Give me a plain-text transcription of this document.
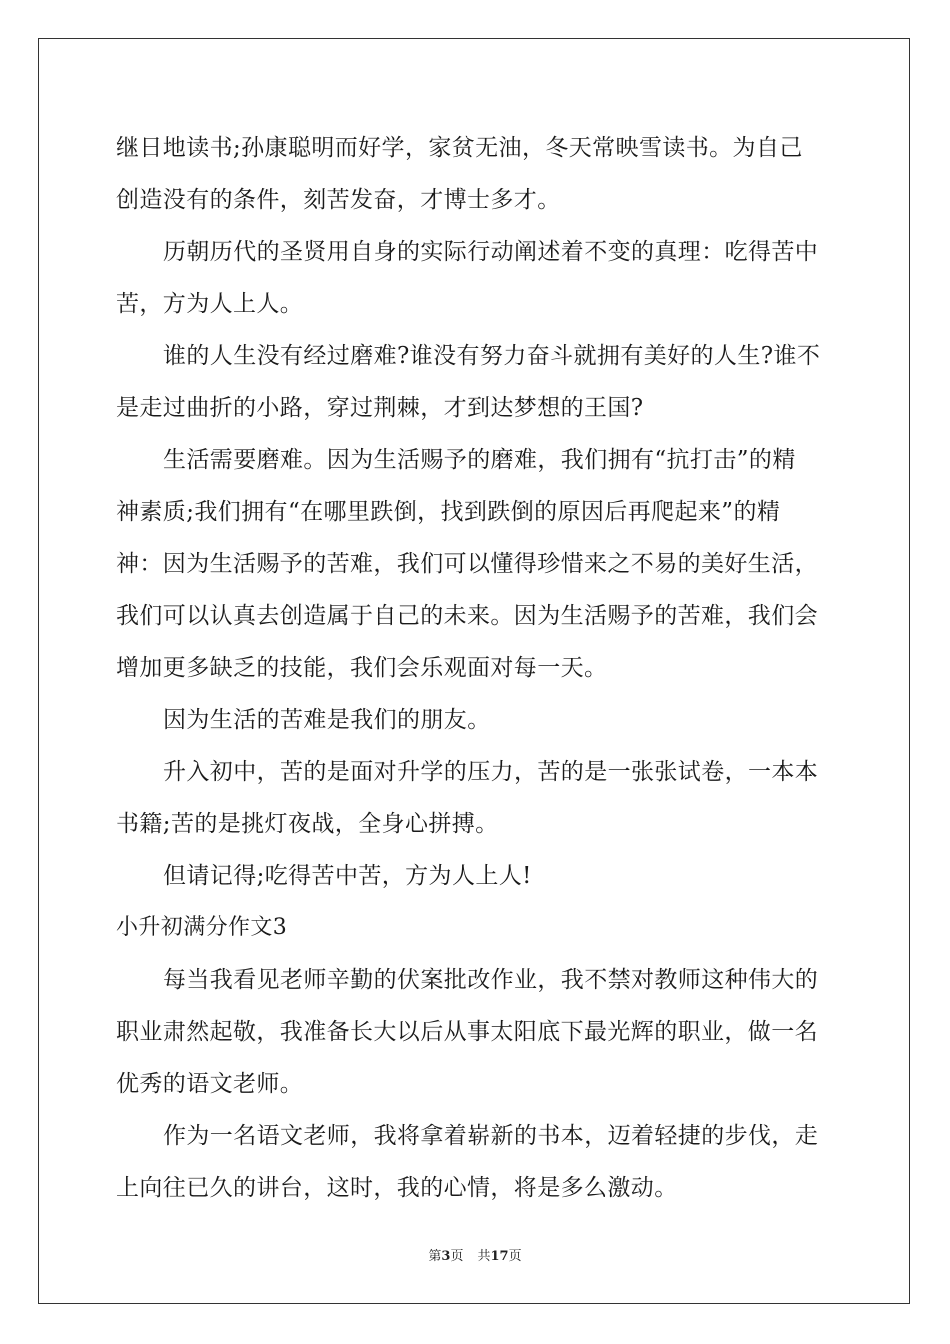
继日地读书;孙康聪明而好学，家贫无油，冬天常映雪读书。为自己
创造没有的条件，刻苦发奋，才博士多才。
历朝历代的圣贤用自身的实际行动阐述着不变的真理：吃得苦中
苦，方为人上人。
谁的人生没有经过磨难?谁没有努力奋斗就拥有美好的人生?谁不
是走过曲折的小路，穿过荆棘，才到达梦想的王国?
生活需要磨难。因为生活赐予的磨难，我们拥有“抗打击”的精
神素质;我们拥有“在哪里跌倒，找到跌倒的原因后再爬起来”的精
神：因为生活赐予的苦难，我们可以懂得珍惜来之不易的美好生活，
我们可以认真去创造属于自己的未来。因为生活赐予的苦难，我们会
增加更多缺乏的技能，我们会乐观面对每一天。
因为生活的苦难是我们的朋友。
升入初中，苦的是面对升学的压力，苦的是一张张试卷，一本本
书籍;苦的是挑灯夜战，全身心拼搏。
但请记得;吃得苦中苦，方为人上人!
小升初满分作文3
每当我看见老师辛勤的伏案批改作业，我不禁对教师这种伟大的
职业肃然起敬，我准备长大以后从事太阳底下最光辉的职业，做一名
优秀的语文老师。
作为一名语文老师，我将拿着崭新的书本，迈着轻捷的步伐，走
上向往已久的讲台，这时，我的心情，将是多么激动。
第3页 共17页
